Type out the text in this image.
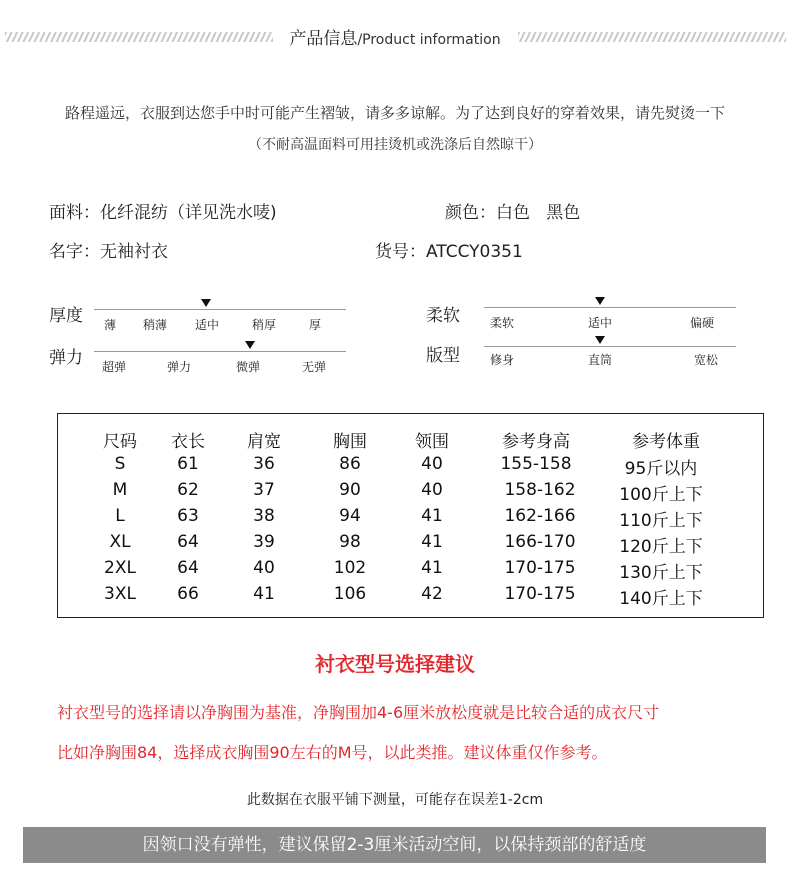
产品信息/Product information
路程遥远，衣服到达您手中时可能产生褶皱，请多多谅解。为了达到良好的穿着效果，请先熨烫一下
（不耐高温面料可用挂烫机或洗涤后自然晾干）
面料：化纤混纺（详见洗水唛)	颜色：白色   黑色
名字：无袖衬衣	货号：ATCCY0351
厚度 薄 稍薄 适中	稍厚	厚
弹力 超弹	弹力	微弹	无弹
柔软	柔软	适中	偏硬
版型	修身	直筒	宽松
尺码	衣长	肩宽	胸围	领围	参考身高	参考体重
S	61	36	86	40	155-158	95斤以内
M	62	37	90	40	158-162	100斤上下
L	63	38	94	41	162-166	110斤上下
XL	64	39	98	41	166-170	120斤上下
2XL	64	40	102	41	170-175	130斤上下
3XL	66	41	106	42	170-175	140斤上下
衬衣型号选择建议
衬衣型号的选择请以净胸围为基准，净胸围加4-6厘米放松度就是比较合适的成衣尺寸
比如净胸围84，选择成衣胸围90左右的M号，以此类推。建议体重仅作参考。
此数据在衣服平铺下测量，可能存在误差1-2cm
因领口没有弹性，建议保留2-3厘米活动空间，以保持颈部的舒适度
